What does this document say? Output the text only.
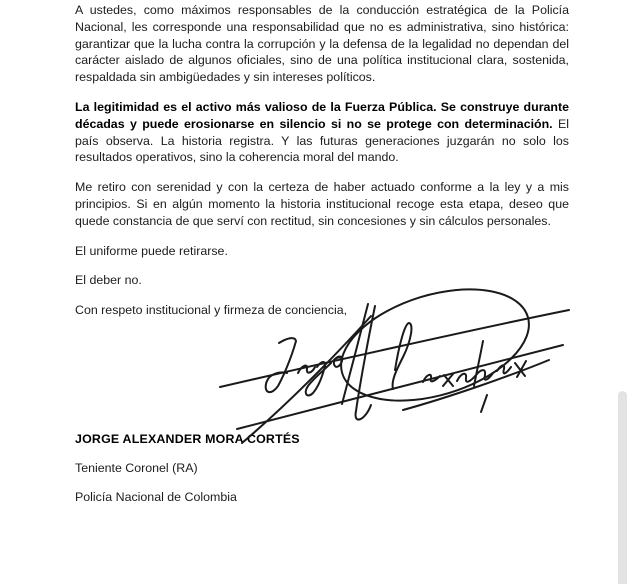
A ustedes, como máximos responsables de la conducción estratégica de la Policía Nacional, les corresponde una responsabilidad que no es administrativa, sino histórica: garantizar que la lucha contra la corrupción y la defensa de la legalidad no dependan del carácter aislado de algunos oficiales, sino de una política institucional clara, sostenida, respaldada sin ambigüedades y sin intereses políticos.

La legitimidad es el activo más valioso de la Fuerza Pública. Se construye durante décadas y puede erosionarse en silencio si no se protege con determinación. El país observa. La historia registra. Y las futuras generaciones juzgarán no solo los resultados operativos, sino la coherencia moral del mando.

Me retiro con serenidad y con la certeza de haber actuado conforme a la ley y a mis principios. Si en algún momento la historia institucional recoge esta etapa, deseo que quede constancia de que serví con rectitud, sin concesiones y sin cálculos personales.

El uniforme puede retirarse.

El deber no.

Con respeto institucional y firmeza de conciencia,

JORGE ALEXANDER MORA CORTÉS

Teniente Coronel (RA)

Policía Nacional de Colombia
